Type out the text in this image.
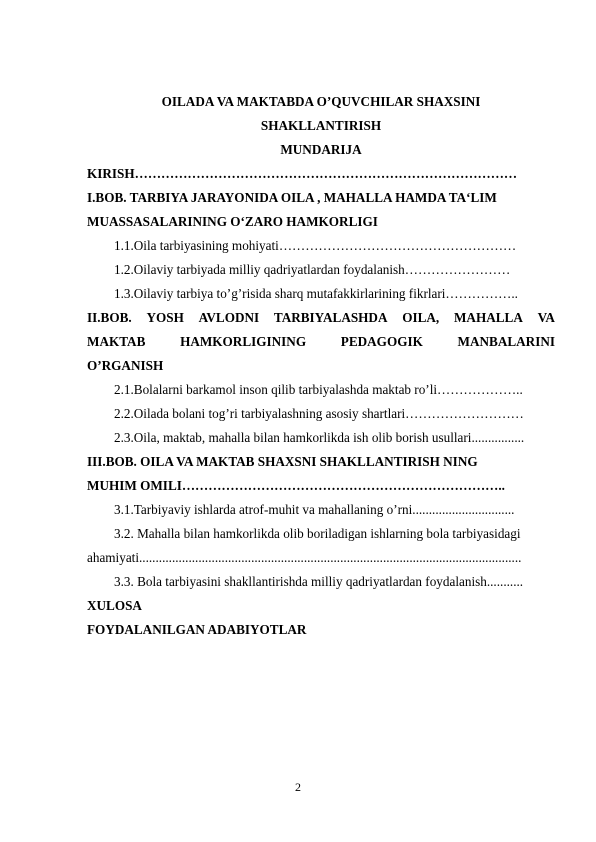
OILADA VA MAKTABDA O’QUVCHILAR SHAXSINI
SHAKLLANTIRISH
MUNDARIJA
KIRISH……………………………………………………………………………
I.BOB. TARBIYA JARAYONIDA OILA , MAHALLA HAMDA TA‘LIM
MUASSASALARINING O‘ZARO HAMKORLIGI
1.1.Oila tarbiyasining mohiyati………………………………………………
1.2.Oilaviy tarbiyada milliy qadriyatlardan foydalanish……………………
1.3.Oilaviy tarbiya to’g’risida sharq mutafakkirlarining fikrlari……………..
II.BOB. YOSH AVLODNI TARBIYALASHDA OILA, MAHALLA VA
MAKTAB	HAMKORLIGINING	PEDAGOGIK	MANBALARINI
O’RGANISH
2.1.Bolalarni barkamol inson qilib tarbiyalashda maktab ro’li………………..
2.2.Oilada bolani tog’ri tarbiyalashning asosiy shartlari………………………
2.3.Oila, maktab, mahalla bilan hamkorlikda ish olib borish usullari................
III.BOB. OILA VA MAKTAB SHAXSNI SHAKLLANTIRISH NING
MUHIM OMILI………………………………………………………………..
3.1.Tarbiyaviy ishlarda atrof-muhit va mahallaning o’rni...............................
3.2. Mahalla bilan hamkorlikda olib boriladigan ishlarning bola tarbiyasidagi
ahamiyati....................................................................................................................
3.3. Bola tarbiyasini shakllantirishda milliy qadriyatlardan foydalanish...........
XULOSA
FOYDALANILGAN ADABIYOTLAR
2
